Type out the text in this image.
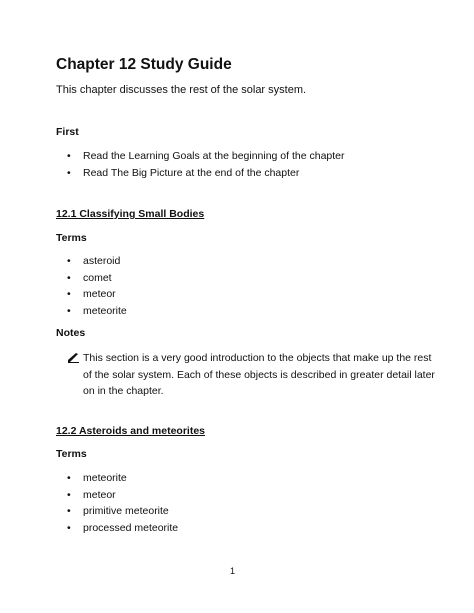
Chapter 12 Study Guide
This chapter discusses the rest of the solar system.
First
• Read the Learning Goals at the beginning of the chapter
• Read The Big Picture at the end of the chapter
12.1 Classifying Small Bodies
Terms
• asteroid
• comet
• meteor
• meteorite
Notes
This section is a very good introduction to the objects that make up the rest
of the solar system. Each of these objects is described in greater detail later
on in the chapter.
12.2 Asteroids and meteorites
Terms
• meteorite
• meteor
• primitive meteorite
• processed meteorite
1
